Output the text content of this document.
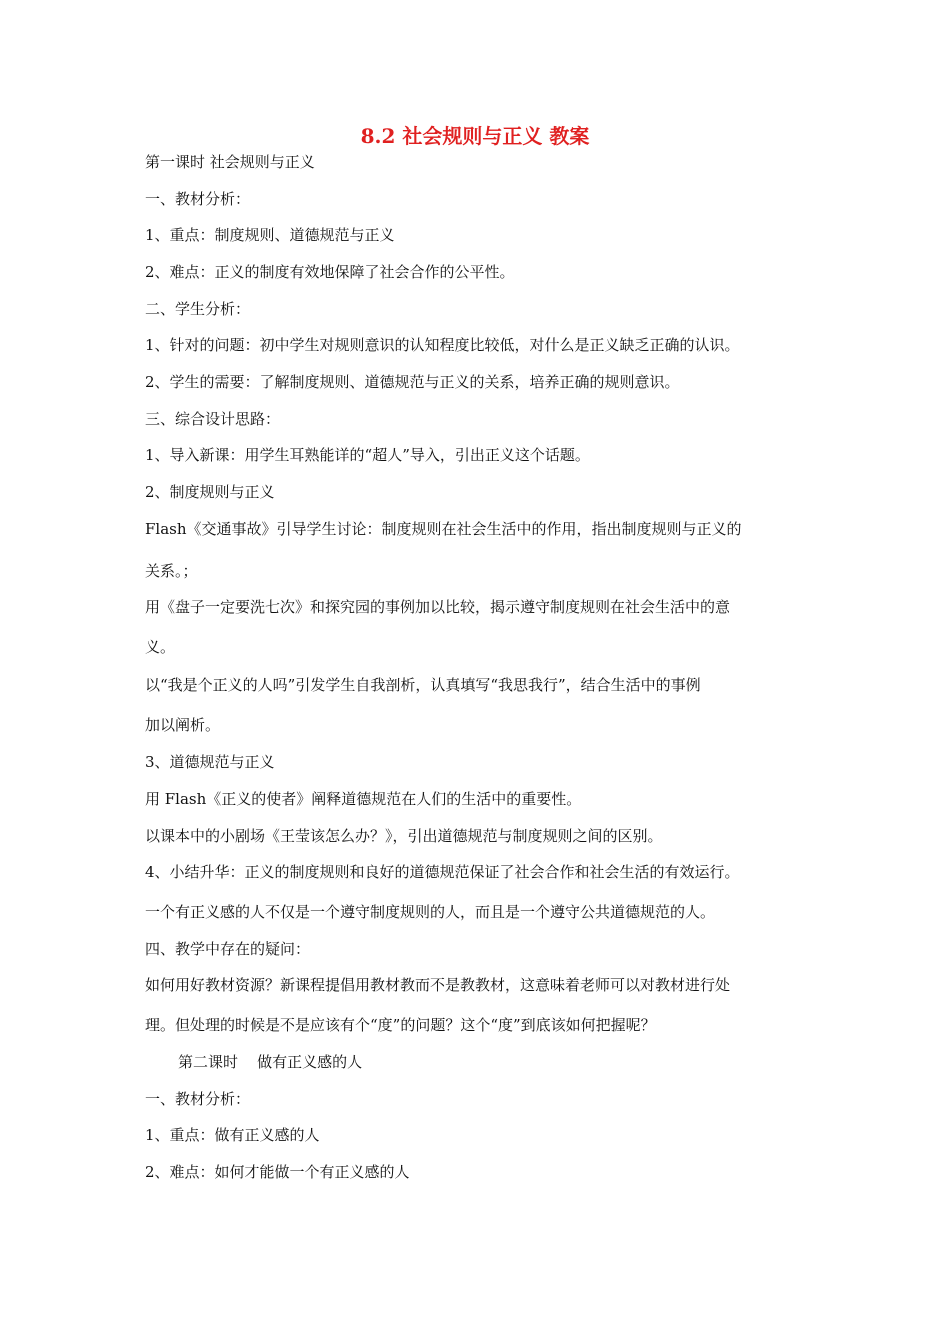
8.2 社会规则与正义 教案

第一课时 社会规则与正义

一、教材分析：

1、重点：制度规则、道德规范与正义

2、难点：正义的制度有效地保障了社会合作的公平性。

二、学生分析：

1、针对的问题：初中学生对规则意识的认知程度比较低，对什么是正义缺乏正确的认识。

2、学生的需要：了解制度规则、道德规范与正义的关系，培养正确的规则意识。

三、综合设计思路：

1、导入新课：用学生耳熟能详的“超人”导入，引出正义这个话题。

2、制度规则与正义

Flash《交通事故》引导学生讨论：制度规则在社会生活中的作用，指出制度规则与正义的

关系。；

用《盘子一定要洗七次》和探究园的事例加以比较，揭示遵守制度规则在社会生活中的意

义。

以“我是个正义的人吗”引发学生自我剖析，认真填写“我思我行”，结合生活中的事例

加以阐析。

3、道德规范与正义

用 Flash《正义的使者》阐释道德规范在人们的生活中的重要性。

以课本中的小剧场《王莹该怎么办？》，引出道德规范与制度规则之间的区别。

4、小结升华：正义的制度规则和良好的道德规范保证了社会合作和社会生活的有效运行。

一个有正义感的人不仅是一个遵守制度规则的人，而且是一个遵守公共道德规范的人。

四、教学中存在的疑问：

如何用好教材资源？新课程提倡用教材教而不是教教材，这意味着老师可以对教材进行处

理。但处理的时候是不是应该有个“度”的问题？这个“度”到底该如何把握呢？

第二课时    做有正义感的人

一、教材分析：

1、重点：做有正义感的人

2、难点：如何才能做一个有正义感的人
